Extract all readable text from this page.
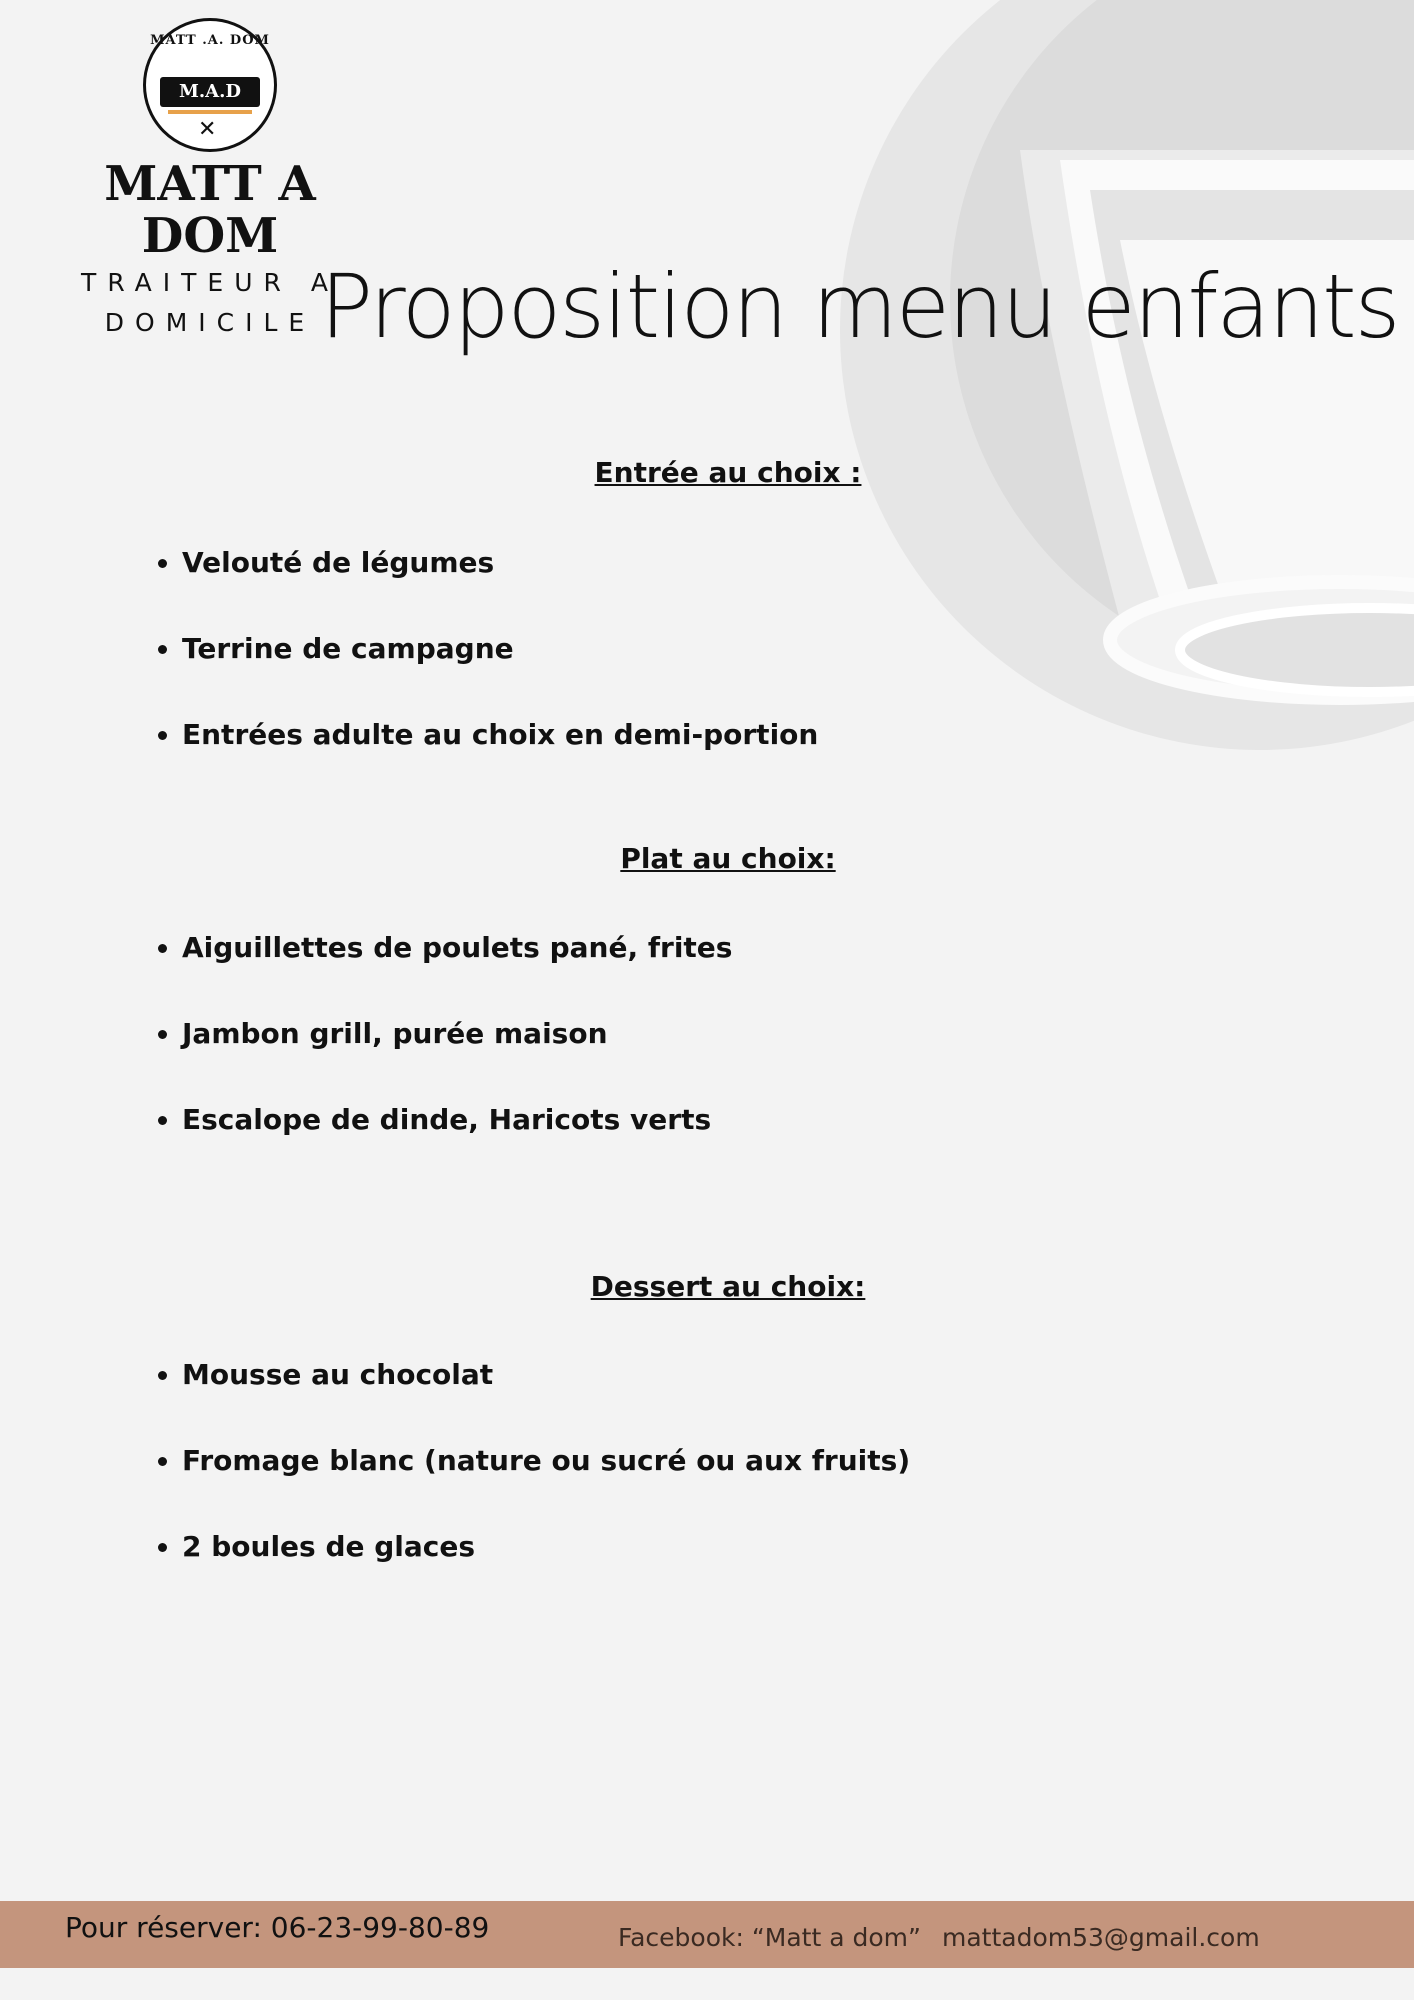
MATT .A. DOM
M.A.D
✕
MATT A DOM
TRAITEUR A
DOMICILE Proposition menu enfants
Entrée au choix :
• Velouté de légumes
• Terrine de campagne
• Entrées adulte au choix en demi-portion
Plat au choix:
• Aiguillettes de poulets pané, frites
• Jambon grill, purée maison
• Escalope de dinde, Haricots verts
Dessert au choix:
• Mousse au chocolat
• Fromage blanc (nature ou sucré ou aux fruits)
• 2 boules de glaces
Pour réserver: 06-23-99-80-89	Facebook: “Matt a dom” mattadom53@gmail.com
